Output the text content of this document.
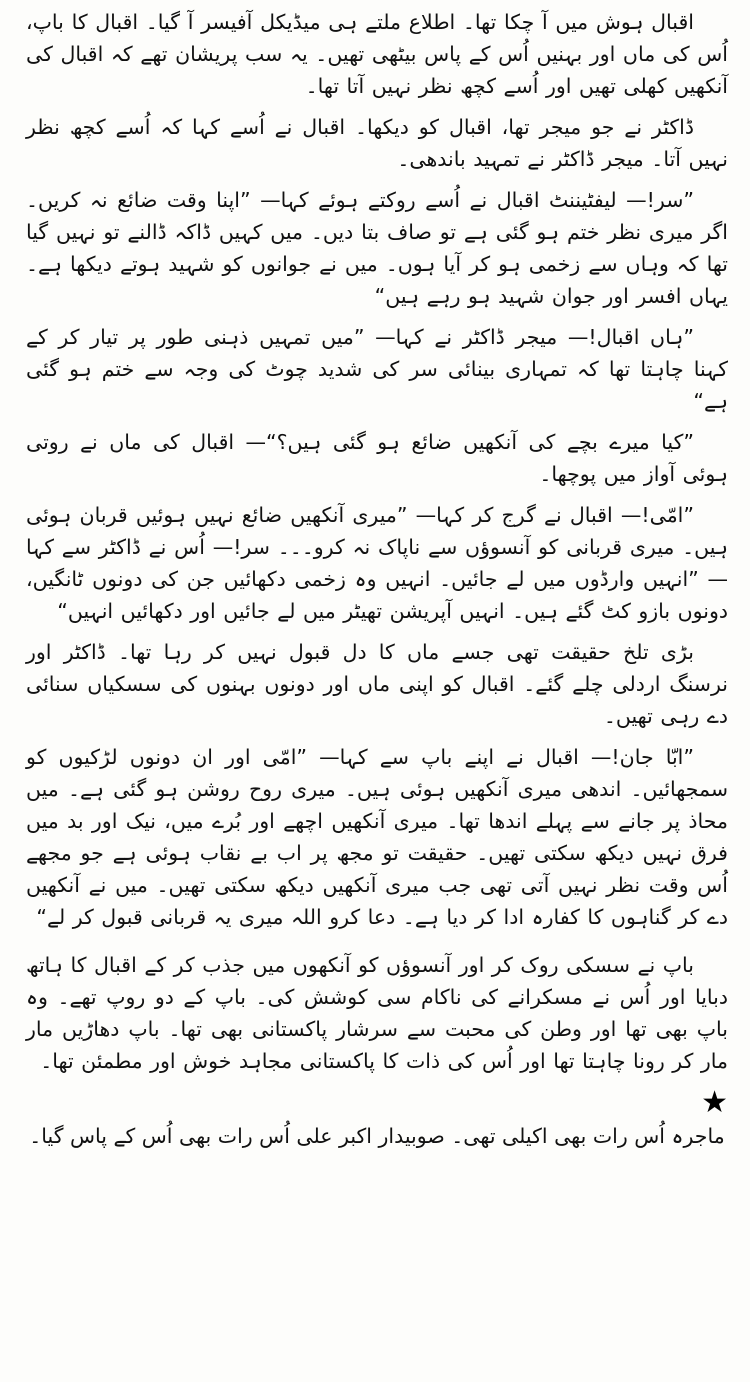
اقبال ہوش میں آ چکا تھا۔ اطلاع ملتے ہی میڈیکل آفیسر آ گیا۔ اقبال کا باپ، اُس کی ماں اور بہنیں اُس کے پاس بیٹھی تھیں۔ یہ سب پریشان تھے کہ اقبال کی آنکھیں کھلی تھیں اور اُسے کچھ نظر نہیں آتا تھا۔

ڈاکٹر نے جو میجر تھا، اقبال کو دیکھا۔ اقبال نے اُسے کہا کہ اُسے کچھ نظر نہیں آتا۔ میجر ڈاکٹر نے تمہید باندھی۔

”سر!— لیفٹیننٹ اقبال نے اُسے روکتے ہوئے کہا— ”اپنا وقت ضائع نہ کریں۔ اگر میری نظر ختم ہو گئی ہے تو صاف بتا دیں۔ میں کہیں ڈاکہ ڈالنے تو نہیں گیا تھا کہ وہاں سے زخمی ہو کر آیا ہوں۔ میں نے جوانوں کو شہید ہوتے دیکھا ہے۔ یہاں افسر اور جوان شہید ہو رہے ہیں“

”ہاں اقبال!— میجر ڈاکٹر نے کہا— ”میں تمہیں ذہنی طور پر تیار کر کے کہنا چاہتا تھا کہ تمہاری بینائی سر کی شدید چوٹ کی وجہ سے ختم ہو گئی ہے“

”کیا میرے بچے کی آنکھیں ضائع ہو گئی ہیں؟“— اقبال کی ماں نے روتی ہوئی آواز میں پوچھا۔

”امّی!— اقبال نے گرج کر کہا— ”میری آنکھیں ضائع نہیں ہوئیں قربان ہوئی ہیں۔ میری قربانی کو آنسوؤں سے ناپاک نہ کرو۔۔۔ سر!— اُس نے ڈاکٹر سے کہا— ”انہیں وارڈوں میں لے جائیں۔ انہیں وہ زخمی دکھائیں جن کی دونوں ٹانگیں، دونوں بازو کٹ گئے ہیں۔ انہیں آپریشن تھیٹر میں لے جائیں اور دکھائیں انہیں“

بڑی تلخ حقیقت تھی جسے ماں کا دل قبول نہیں کر رہا تھا۔ ڈاکٹر اور نرسنگ اردلی چلے گئے۔ اقبال کو اپنی ماں اور دونوں بہنوں کی سسکیاں سنائی دے رہی تھیں۔

”ابّا جان!— اقبال نے اپنے باپ سے کہا— ”امّی اور ان دونوں لڑکیوں کو سمجھائیں۔ اندھی میری آنکھیں ہوئی ہیں۔ میری روح روشن ہو گئی ہے۔ میں محاذ پر جانے سے پہلے اندھا تھا۔ میری آنکھیں اچھے اور بُرے میں، نیک اور بد میں فرق نہیں دیکھ سکتی تھیں۔ حقیقت تو مجھ پر اب بے نقاب ہوئی ہے جو مجھے اُس وقت نظر نہیں آتی تھی جب میری آنکھیں دیکھ سکتی تھیں۔ میں نے آنکھیں دے کر گناہوں کا کفارہ ادا کر دیا ہے۔ دعا کرو اللہ میری یہ قربانی قبول کر لے“

باپ نے سسکی روک کر اور آنسوؤں کو آنکھوں میں جذب کر کے اقبال کا ہاتھ دبایا اور اُس نے مسکرانے کی ناکام سی کوشش کی۔ باپ کے دو روپ تھے۔ وہ باپ بھی تھا اور وطن کی محبت سے سرشار پاکستانی بھی تھا۔ باپ دھاڑیں مار مار کر رونا چاہتا تھا اور اُس کی ذات کا پاکستانی مجاہد خوش اور مطمئن تھا۔

★

ماجرہ اُس رات بھی اکیلی تھی۔ صوبیدار اکبر علی اُس رات بھی اُس کے پاس گیا۔
